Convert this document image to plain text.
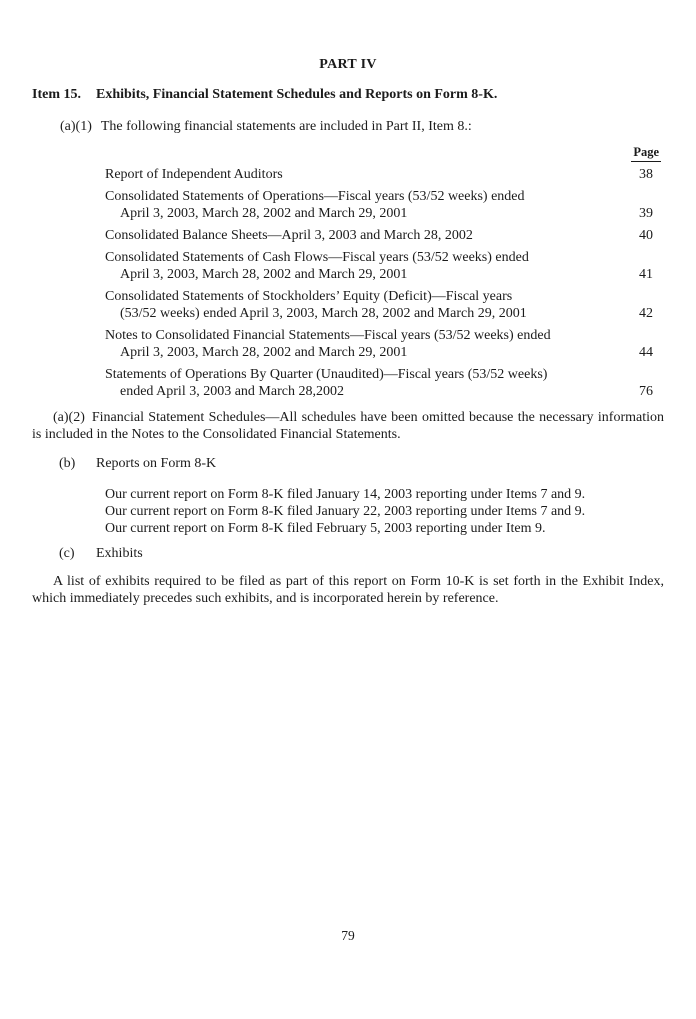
PART IV
Item 15. Exhibits, Financial Statement Schedules and Reports on Form 8-K.
(a)(1) The following financial statements are included in Part II, Item 8.:
Page
Report of Independent Auditors	38
Consolidated Statements of Operations—Fiscal years (53/52 weeks) ended
April 3, 2003, March 28, 2002 and March 29, 2001	39
Consolidated Balance Sheets—April 3, 2003 and March 28, 2002	40
Consolidated Statements of Cash Flows—Fiscal years (53/52 weeks) ended
April 3, 2003, March 28, 2002 and March 29, 2001	41
Consolidated Statements of Stockholders’ Equity (Deficit)—Fiscal years
(53/52 weeks) ended April 3, 2003, March 28, 2002 and March 29, 2001	42
Notes to Consolidated Financial Statements—Fiscal years (53/52 weeks) ended
April 3, 2003, March 28, 2002 and March 29, 2001	44
Statements of Operations By Quarter (Unaudited)—Fiscal years (53/52 weeks)
ended April 3, 2003 and March 28,2002	76
(a)(2) Financial Statement Schedules—All schedules have been omitted because the necessary information is included in the Notes to the Consolidated Financial Statements.
(b) Reports on Form 8-K
Our current report on Form 8-K filed January 14, 2003 reporting under Items 7 and 9.
Our current report on Form 8-K filed January 22, 2003 reporting under Items 7 and 9.
Our current report on Form 8-K filed February 5, 2003 reporting under Item 9.
(c) Exhibits
A list of exhibits required to be filed as part of this report on Form 10-K is set forth in the Exhibit Index, which immediately precedes such exhibits, and is incorporated herein by reference.
79
